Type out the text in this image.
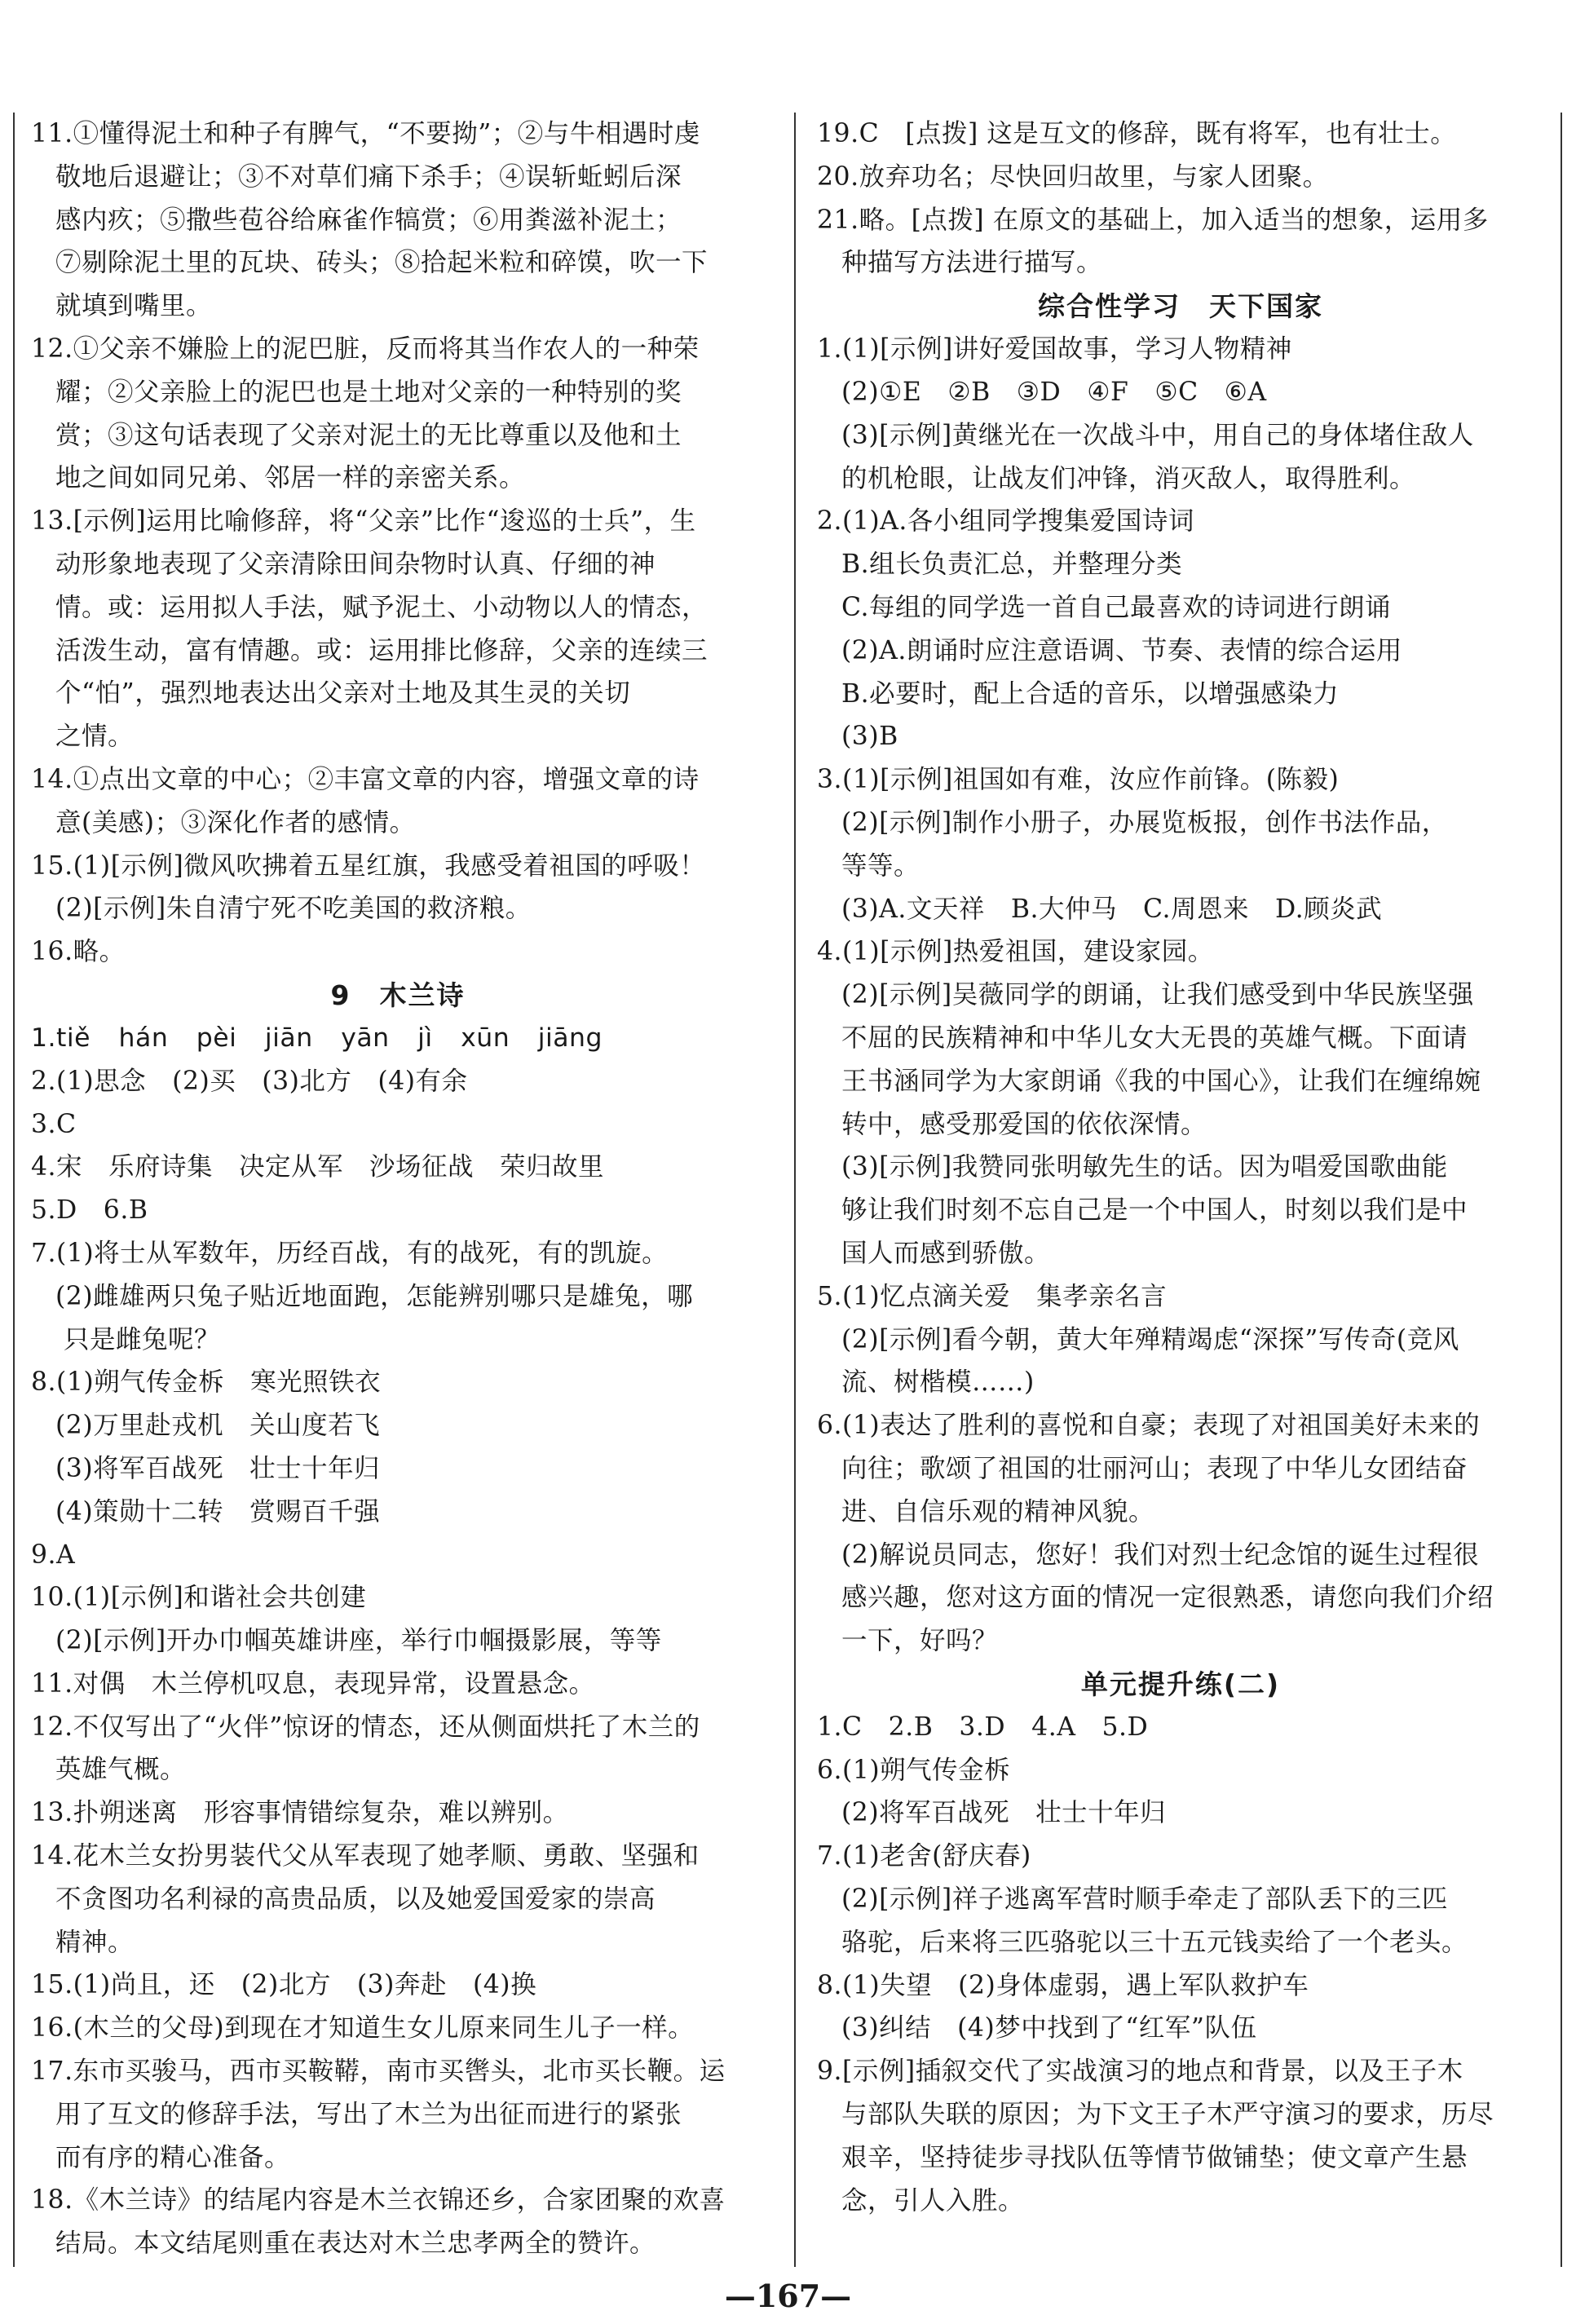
11.①懂得泥土和种子有脾气，“不要拗”；②与牛相遇时虔
敬地后退避让；③不对草们痛下杀手；④误斩蚯蚓后深
感内疚；⑤撒些苞谷给麻雀作犒赏；⑥用粪滋补泥土；
⑦剔除泥土里的瓦块、砖头；⑧拾起米粒和碎馍，吹一下
就填到嘴里。
12.①父亲不嫌脸上的泥巴脏，反而将其当作农人的一种荣
耀；②父亲脸上的泥巴也是土地对父亲的一种特别的奖
赏；③这句话表现了父亲对泥土的无比尊重以及他和土
地之间如同兄弟、邻居一样的亲密关系。
13.[示例]运用比喻修辞，将“父亲”比作“逡巡的士兵”，生
动形象地表现了父亲清除田间杂物时认真、仔细的神
情。或：运用拟人手法，赋予泥土、小动物以人的情态，
活泼生动，富有情趣。或：运用排比修辞，父亲的连续三
个“怕”，强烈地表达出父亲对土地及其生灵的关切
之情。
14.①点出文章的中心；②丰富文章的内容，增强文章的诗
意(美感)；③深化作者的感情。
15.(1)[示例]微风吹拂着五星红旗，我感受着祖国的呼吸！
(2)[示例]朱自清宁死不吃美国的救济粮。
16.略。
9　木兰诗
1.tiě hán pèi jiān yān jì xūn jiāng
2.(1)思念　(2)买　(3)北方　(4)有余
3.C
4.宋　乐府诗集　决定从军　沙场征战　荣归故里
5.D　6.B
7.(1)将士从军数年，历经百战，有的战死，有的凯旋。
(2)雌雄两只兔子贴近地面跑，怎能辨别哪只是雄兔，哪
只是雌兔呢？
8.(1)朔气传金柝　寒光照铁衣
(2)万里赴戎机　关山度若飞
(3)将军百战死　壮士十年归
(4)策勋十二转　赏赐百千强
9.A
10.(1)[示例]和谐社会共创建
(2)[示例]开办巾帼英雄讲座，举行巾帼摄影展，等等
11.对偶　木兰停机叹息，表现异常，设置悬念。
12.不仅写出了“火伴”惊讶的情态，还从侧面烘托了木兰的
英雄气概。
13.扑朔迷离　形容事情错综复杂，难以辨别。
14.花木兰女扮男装代父从军表现了她孝顺、勇敢、坚强和
不贪图功名利禄的高贵品质，以及她爱国爱家的崇高
精神。
15.(1)尚且，还　(2)北方　(3)奔赴　(4)换
16.(木兰的父母)到现在才知道生女儿原来同生儿子一样。
17.东市买骏马，西市买鞍鞯，南市买辔头，北市买长鞭。运
用了互文的修辞手法，写出了木兰为出征而进行的紧张
而有序的精心准备。
18.《木兰诗》的结尾内容是木兰衣锦还乡，合家团聚的欢喜
结局。本文结尾则重在表达对木兰忠孝两全的赞许。
19.C　[点拨] 这是互文的修辞，既有将军，也有壮士。
20.放弃功名；尽快回归故里，与家人团聚。
21.略。[点拨] 在原文的基础上，加入适当的想象，运用多
种描写方法进行描写。
综合性学习　天下国家
1.(1)[示例]讲好爱国故事，学习人物精神
(2)①E　②B　③D　④F　⑤C　⑥A
(3)[示例]黄继光在一次战斗中，用自己的身体堵住敌人
的机枪眼，让战友们冲锋，消灭敌人，取得胜利。
2.(1)A.各小组同学搜集爱国诗词
B.组长负责汇总，并整理分类
C.每组的同学选一首自己最喜欢的诗词进行朗诵
(2)A.朗诵时应注意语调、节奏、表情的综合运用
B.必要时，配上合适的音乐，以增强感染力
(3)B
3.(1)[示例]祖国如有难，汝应作前锋。(陈毅)
(2)[示例]制作小册子，办展览板报，创作书法作品，
等等。
(3)A.文天祥　B.大仲马　C.周恩来　D.顾炎武
4.(1)[示例]热爱祖国，建设家园。
(2)[示例]吴薇同学的朗诵，让我们感受到中华民族坚强
不屈的民族精神和中华儿女大无畏的英雄气概。下面请
王书涵同学为大家朗诵《我的中国心》，让我们在缠绵婉
转中，感受那爱国的依依深情。
(3)[示例]我赞同张明敏先生的话。因为唱爱国歌曲能
够让我们时刻不忘自己是一个中国人，时刻以我们是中
国人而感到骄傲。
5.(1)忆点滴关爱　集孝亲名言
(2)[示例]看今朝，黄大年殚精竭虑“深探”写传奇(竞风
流、树楷模……)
6.(1)表达了胜利的喜悦和自豪；表现了对祖国美好未来的
向往；歌颂了祖国的壮丽河山；表现了中华儿女团结奋
进、自信乐观的精神风貌。
(2)解说员同志，您好！我们对烈士纪念馆的诞生过程很
感兴趣，您对这方面的情况一定很熟悉，请您向我们介绍
一下，好吗？
单元提升练(二)
1.C　2.B　3.D　4.A　5.D
6.(1)朔气传金柝
(2)将军百战死　壮士十年归
7.(1)老舍(舒庆春)
(2)[示例]祥子逃离军营时顺手牵走了部队丢下的三匹
骆驼，后来将三匹骆驼以三十五元钱卖给了一个老头。
8.(1)失望　(2)身体虚弱，遇上军队救护车
(3)纠结　(4)梦中找到了“红军”队伍
9.[示例]插叙交代了实战演习的地点和背景，以及王子木
与部队失联的原因；为下文王子木严守演习的要求，历尽
艰辛，坚持徒步寻找队伍等情节做铺垫；使文章产生悬
念，引人入胜。
—167—
